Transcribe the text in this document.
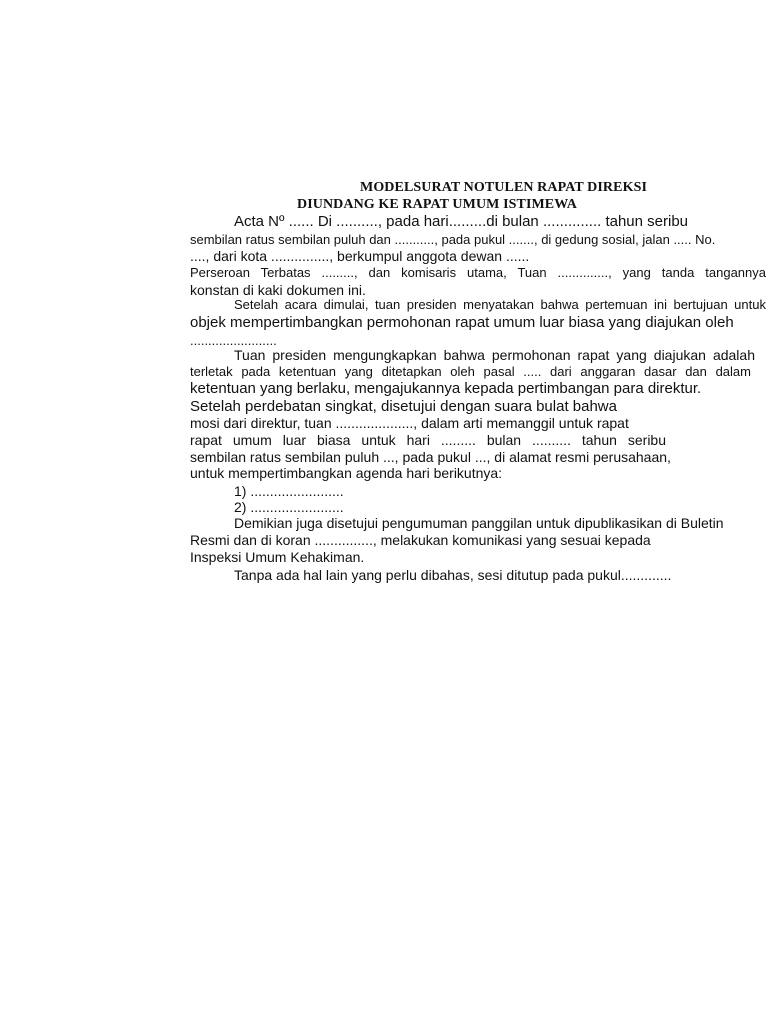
MODELSURAT NOTULEN RAPAT DIREKSI
DIUNDANG KE RAPAT UMUM ISTIMEWA
Acta Nº ...... Di .........., pada hari.........di bulan .............. tahun seribu
sembilan ratus sembilan puluh dan ..........., pada pukul ......., di gedung sosial, jalan ..... No.
...., dari kota ..............., berkumpul anggota dewan ......
Perseroan Terbatas ........., dan komisaris utama, Tuan .............., yang tanda tangannya
konstan di kaki dokumen ini.
Setelah acara dimulai, tuan presiden menyatakan bahwa pertemuan ini bertujuan untuk
objek mempertimbangkan permohonan rapat umum luar biasa yang diajukan oleh
........................
Tuan presiden mengungkapkan bahwa permohonan rapat yang diajukan adalah
terletak pada ketentuan yang ditetapkan oleh pasal ..... dari anggaran dasar dan dalam
ketentuan yang berlaku, mengajukannya kepada pertimbangan para direktur.
Setelah perdebatan singkat, disetujui dengan suara bulat bahwa
mosi dari direktur, tuan ...................., dalam arti memanggil untuk rapat
rapat umum luar biasa untuk hari ......... bulan .......... tahun seribu
sembilan ratus sembilan puluh ..., pada pukul ..., di alamat resmi perusahaan,
untuk mempertimbangkan agenda hari berikutnya:
1) ........................
2) ........................
Demikian juga disetujui pengumuman panggilan untuk dipublikasikan di Buletin
Resmi dan di koran ..............., melakukan komunikasi yang sesuai kepada
Inspeksi Umum Kehakiman.
Tanpa ada hal lain yang perlu dibahas, sesi ditutup pada pukul.............
